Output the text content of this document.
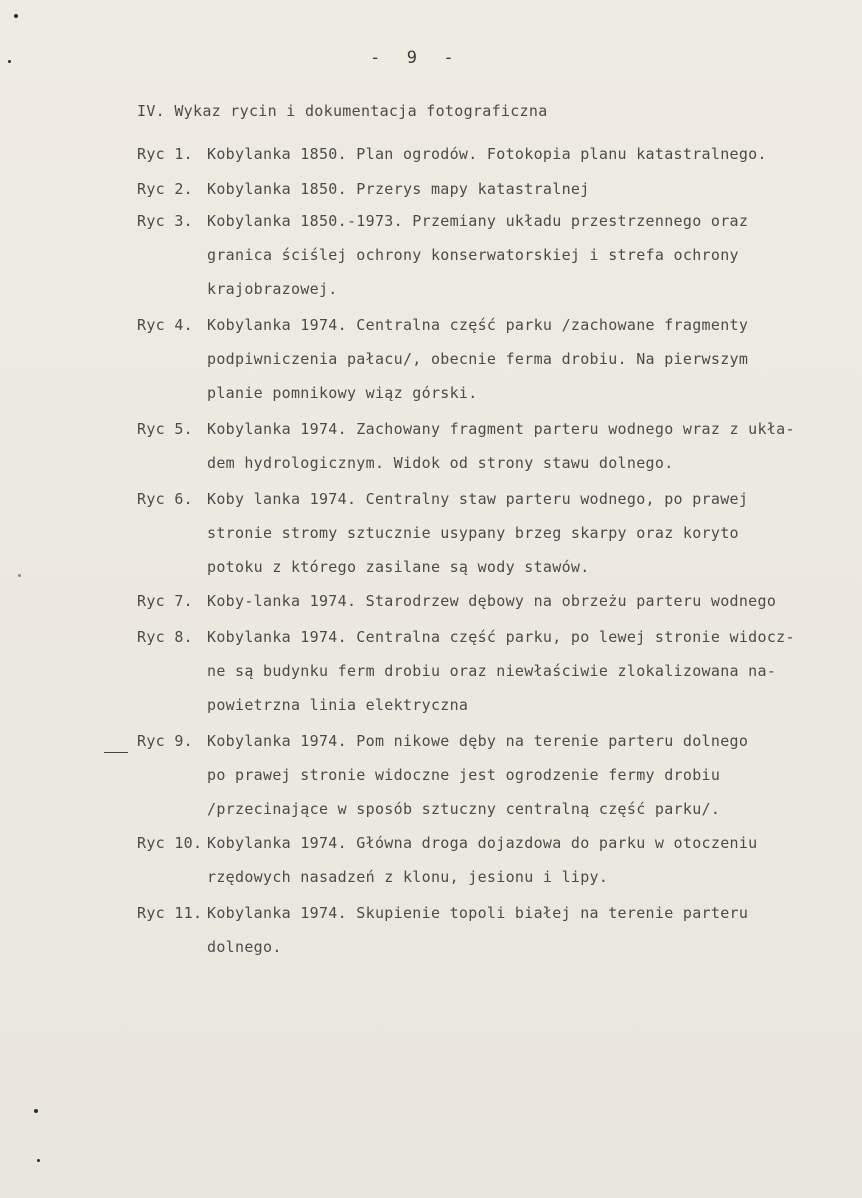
-  9  -
IV. Wykaz rycin i dokumentacja fotograficzna
Ryc 1. Kobylanka 1850. Plan ogrodów. Fotokopia planu katastralnego.
Ryc 2. Kobylanka 1850. Przerys mapy katastralnej
Ryc 3. Kobylanka 1850.-1973. Przemiany układu przestrzennego oraz
granica ściślej ochrony konserwatorskiej i strefa ochrony
krajobrazowej.
Ryc 4. Kobylanka 1974. Centralna część parku /zachowane fragmenty
podpiwniczenia pałacu/, obecnie ferma drobiu. Na pierwszym
planie pomnikowy wiąz górski.
Ryc 5. Kobylanka 1974. Zachowany fragment parteru wodnego wraz z ukła-
dem hydrologicznym. Widok od strony stawu dolnego.
Ryc 6. Koby lanka 1974. Centralny staw parteru wodnego, po prawej
stronie stromy sztucznie usypany brzeg skarpy oraz koryto
potoku z którego zasilane są wody stawów.
Ryc 7. Koby-lanka 1974. Starodrzew dębowy na obrzeżu parteru wodnego
Ryc 8. Kobylanka 1974. Centralna część parku, po lewej stronie widocz-
ne są budynku ferm drobiu oraz niewłaściwie zlokalizowana na-
powietrzna linia elektryczna
Ryc 9. Kobylanka 1974. Pom nikowe dęby na terenie parteru dolnego
po prawej stronie widoczne jest ogrodzenie fermy drobiu
/przecinające w sposób sztuczny centralną część parku/.
Ryc 10. Kobylanka 1974. Główna droga dojazdowa do parku w otoczeniu
rzędowych nasadzeń z klonu, jesionu i lipy.
Ryc 11. Kobylanka 1974. Skupienie topoli białej na terenie parteru
dolnego.
